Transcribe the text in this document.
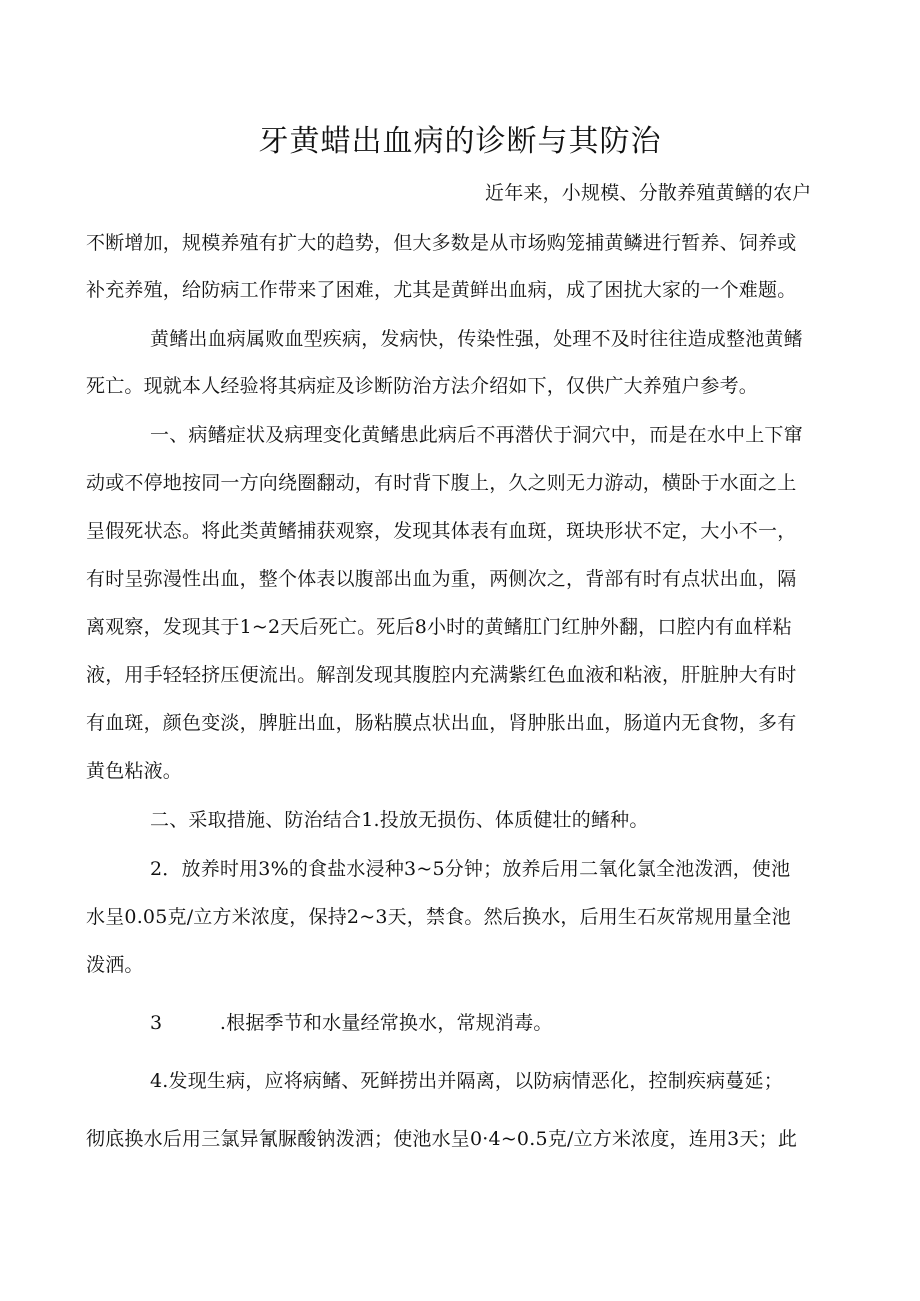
牙黄蜡出血病的诊断与其防治
近年来，小规模、分散养殖黄鳝的农户
不断增加，规模养殖有扩大的趋势，但大多数是从市场购笼捕黄鳞进行暂养、饲养或
补充养殖，给防病工作带来了困难，尤其是黄鲜出血病，成了困扰大家的一个难题。
黄鳍出血病属败血型疾病，发病快，传染性强，处理不及时往往造成整池黄鳍
死亡。现就本人经验将其病症及诊断防治方法介绍如下，仅供广大养殖户参考。
一、病鳍症状及病理变化黄鳍患此病后不再潜伏于洞穴中，而是在水中上下窜
动或不停地按同一方向绕圈翻动，有时背下腹上，久之则无力游动，横卧于水面之上
呈假死状态。将此类黄鳍捕获观察，发现其体表有血斑，斑块形状不定，大小不一，
有时呈弥漫性出血，整个体表以腹部出血为重，两侧次之，背部有时有点状出血，隔
离观察，发现其于1~2天后死亡。死后8小时的黄鳍肛门红肿外翻，口腔内有血样粘
液，用手轻轻挤压便流出。解剖发现其腹腔内充满紫红色血液和粘液，肝脏肿大有时
有血斑，颜色变淡，脾脏出血，肠粘膜点状出血，肾肿胀出血，肠道内无食物，多有
黄色粘液。
二、采取措施、防治结合1.投放无损伤、体质健壮的鳍种。
2．放养时用3%的食盐水浸种3~5分钟；放养后用二氧化氯全池泼洒，使池
水呈0.05克/立方米浓度，保持2~3天，禁食。然后换水，后用生石灰常规用量全池
泼洒。
3　　　.根据季节和水量经常换水，常规消毒。
4.发现生病，应将病鳍、死鲜捞出并隔离，以防病情恶化，控制疾病蔓延；
彻底换水后用三氯异氰脲酸钠泼洒；使池水呈0·4~0.5克/立方米浓度，连用3天；此
